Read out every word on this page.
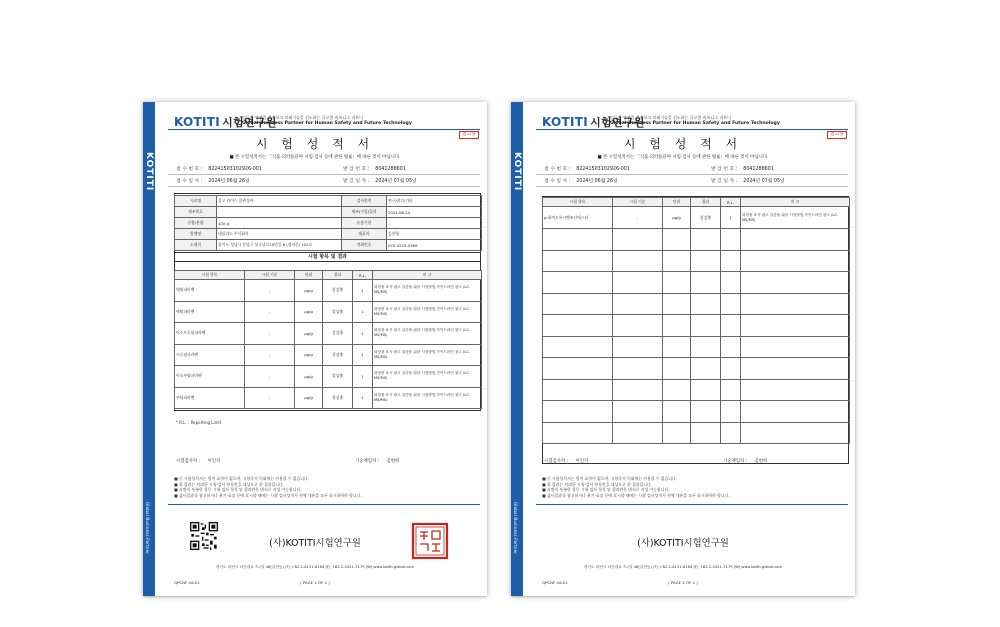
KOTITI
Global Business Partner
KOTITI 시험연구원
인류의 안전을 추구하고 미래기술을 선도하는 글로벌 비즈니스 파트너
Global Business Partner for Human Safety and Future Technology
참고용
시 험 성 적 서
■ 본 시험성적서는 「식품·의약품분야 시험·검사 등에 관한 법률」에 따른 것이 아닙니다.
접 수 번 호 : 82241503102926-001	발 급 번 호 : 8041288601
접 수 일 자 : 2024년 06월 26일	발 급 일 자 : 2024년 07월 05일
시료명	울고 라이스 클렌징바	검사목적	연구/참고/기타
제조번호	-	제조(수입)일자	2024-06-24
중량/용량	100 g	유통기한	-
업체명	네틀리드 주식회사	대표자	김선영
소재지	경기도 성남시 분당구 불곡남로20번길 6 (정자동) 102호	전화번호	070-4223-0369
시험 항목 및 결과
시험 항목	시험 기준	단위	결과	R.L.	비 고
메틸파라벤	-	μg/g	불검출	1	화장품 표시·광고 실증을 위한 시험방법 가이드라인 참고 (LC-MS/MS)
에틸파라벤	-	μg/g	불검출	1	화장품 표시·광고 실증을 위한 시험방법 가이드라인 참고 (LC-MS/MS)
이소프로필파라벤	-	μg/g	불검출	1	화장품 표시·광고 실증을 위한 시험방법 가이드라인 참고 (LC-MS/MS)
프로필파라벤	-	μg/g	불검출	1	화장품 표시·광고 실증을 위한 시험방법 가이드라인 참고 (LC-MS/MS)
이소부틸파라벤	-	μg/g	불검출	1	화장품 표시·광고 실증을 위한 시험방법 가이드라인 참고 (LC-MS/MS)
부틸파라벤	-	μg/g	불검출	1	화장품 표시·광고 실증을 위한 시험방법 가이드라인 참고 (LC-MS/MS)
* R.L. : Reporting Limit
시험검사자 : 이인지	기술책임자 : 김현희
■ 동 시험성적서는 법적 효력이 없으며, 시험목적 이외에는 사용할 수 없습니다.
■ 위 결과는 의뢰한 시험·검사 항목만을 대상으로 한 결과입니다.
■ 지면이 부족한 경우 시험·검사 항목 및 결과란은 별지로 작성 가능합니다.
■ 검사결과를 광고하거나 용기·포장 등에 표시할 때에는 시험·검사성적서 전체 내용을 모두 표시하여야 합니다.
(사)KOTITI시험연구원
경기도 과천시 과천대로 7나길 48(갈현동) (T) +82-2-6131-6184 (F) +82-2-3451-7179 (W) www.kotiti-global.com
QPCNF-16-01	( PAGE 1 OF 2 )
KOTITI
Global Business Partner
KOTITI 시험연구원
인류의 안전을 추구하고 미래기술을 선도하는 글로벌 비즈니스 파트너
Global Business Partner for Human Safety and Future Technology
참고용
시 험 성 적 서
■ 본 시험성적서는 「식품·의약품분야 시험·검사 등에 관한 법률」에 따른 것이 아닙니다.
접 수 번 호 : 82241503102926-001	발 급 번 호 : 8041288601
접 수 일 자 : 2024년 06월 26일	발 급 일 자 : 2024년 07월 05일
시험 항목	시험 기준	단위	결과	R.L.	비 고
p-하이드록시벤조산에스터	-	μg/g	불검출	1	화장품 표시·광고 실증을 위한 시험방법 가이드라인 참고 (LC-MS/MS)

시험검사자 : 이인지	기술책임자 : 김현희
■ 동 시험성적서는 법적 효력이 없으며, 시험목적 이외에는 사용할 수 없습니다.
■ 위 결과는 의뢰한 시험·검사 항목만을 대상으로 한 결과입니다.
■ 지면이 부족한 경우 시험·검사 항목 및 결과란은 별지로 작성 가능합니다.
■ 검사결과를 광고하거나 용기·포장 등에 표시할 때에는 시험·검사성적서 전체 내용을 모두 표시하여야 합니다.
(사)KOTITI시험연구원
경기도 과천시 과천대로 7나길 48(갈현동) (T) +82-2-6131-6184 (F) +82-2-3451-7179 (W) www.kotiti-global.com
QPCNF-16-01	( PAGE 2 OF 2 )
